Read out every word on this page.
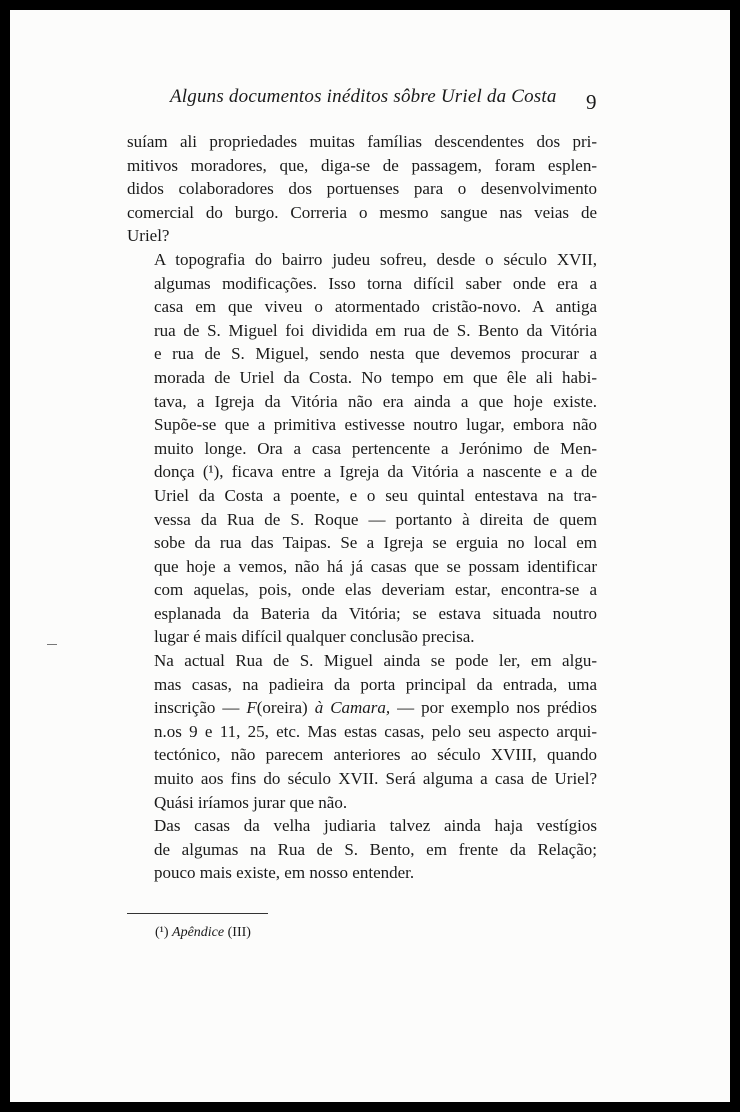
Alguns documentos inéditos sôbre Uriel da Costa 9

suíam ali propriedades muitas famílias descendentes dos pri-
mitivos moradores, que, diga-se de passagem, foram esplen-
didos colaboradores dos portuenses para o desenvolvimento
comercial do burgo. Correria o mesmo sangue nas veias de
Uriel?

A topografia do bairro judeu sofreu, desde o século XVII,
algumas modificações. Isso torna difícil saber onde era a
casa em que viveu o atormentado cristão-novo. A antiga
rua de S. Miguel foi dividida em rua de S. Bento da Vitória
e rua de S. Miguel, sendo nesta que devemos procurar a
morada de Uriel da Costa. No tempo em que êle ali habi-
tava, a Igreja da Vitória não era ainda a que hoje existe.
Supõe-se que a primitiva estivesse noutro lugar, embora não
muito longe. Ora a casa pertencente a Jerónimo de Men-
donça (¹), ficava entre a Igreja da Vitória a nascente e a de
Uriel da Costa a poente, e o seu quintal entestava na tra-
vessa da Rua de S. Roque — portanto à direita de quem
sobe da rua das Taipas. Se a Igreja se erguia no local em
que hoje a vemos, não há já casas que se possam identificar
com aquelas, pois, onde elas deveriam estar, encontra-se a
esplanada da Bateria da Vitória; se estava situada noutro
lugar é mais difícil qualquer conclusão precisa.

Na actual Rua de S. Miguel ainda se pode ler, em algu-
mas casas, na padieira da porta principal da entrada, uma
inscrição — F(oreira) à Camara, — por exemplo nos prédios
n.os 9 e 11, 25, etc. Mas estas casas, pelo seu aspecto arqui-
tectónico, não parecem anteriores ao século XVIII, quando
muito aos fins do século XVII. Será alguma a casa de Uriel?
Quási iríamos jurar que não.

Das casas da velha judiaria talvez ainda haja vestígios
de algumas na Rua de S. Bento, em frente da Relação;
pouco mais existe, em nosso entender.

(¹) Apêndice (III)
